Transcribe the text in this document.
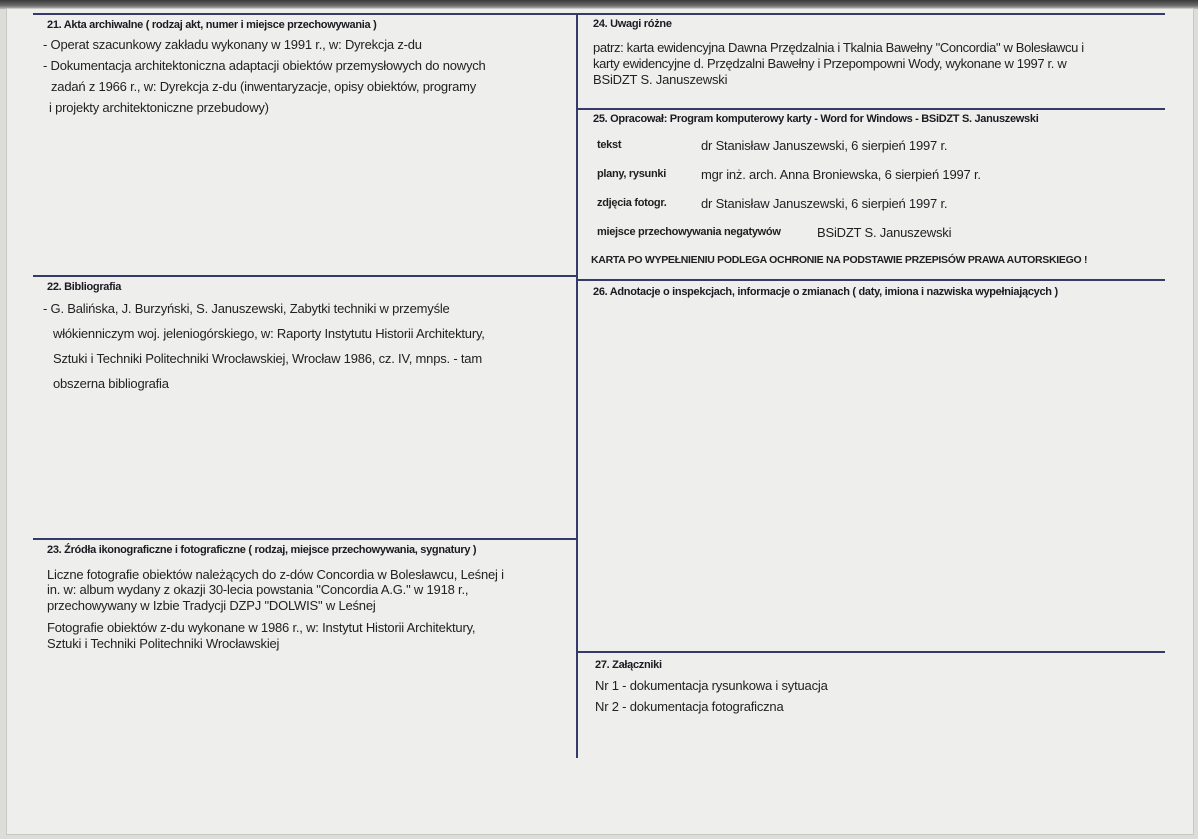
21. Akta archiwalne ( rodzaj akt, numer i miejsce przechowywania )
- Operat szacunkowy zakładu wykonany w 1991 r., w: Dyrekcja z-du
- Dokumentacja architektoniczna adaptacji obiektów przemysłowych do nowych
zadań z 1966 r., w: Dyrekcja z-du (inwentaryzacje, opisy obiektów, programy
i projekty architektoniczne przebudowy)
24. Uwagi różne
patrz: karta ewidencyjna Dawna Przędzalnia i Tkalnia Bawełny "Concordia" w Bolesławcu i
karty ewidencyjne d. Przędzalni Bawełny i Przepompowni Wody, wykonane w 1997 r. w
BSiDZT S. Januszewski
25. Opracował: Program komputerowy karty - Word for Windows - BSiDZT S. Januszewski
tekst	dr Stanisław Januszewski, 6 sierpień 1997 r.
plany, rysunki	mgr inż. arch. Anna Broniewska, 6 sierpień 1997 r.
zdjęcia fotogr.	dr Stanisław Januszewski, 6 sierpień 1997 r.
miejsce przechowywania negatywów	BSiDZT S. Januszewski
KARTA PO WYPEŁNIENIU PODLEGA OCHRONIE NA PODSTAWIE PRZEPISÓW PRAWA AUTORSKIEGO !
22. Bibliografia
- G. Balińska, J. Burzyński, S. Januszewski, Zabytki techniki w przemyśle
włókienniczym woj. jeleniogórskiego, w: Raporty Instytutu Historii Architektury,
Sztuki i Techniki Politechniki Wrocławskiej, Wrocław 1986, cz. IV, mnps. - tam
obszerna bibliografia
26. Adnotacje o inspekcjach, informacje o zmianach ( daty, imiona i nazwiska wypełniających )
23. Źródła ikonograficzne i fotograficzne ( rodzaj, miejsce przechowywania, sygnatury )
Liczne fotografie obiektów należących do z-dów Concordia w Bolesławcu, Leśnej i
in. w: album wydany z okazji 30-lecia powstania "Concordia A.G." w 1918 r.,
przechowywany w Izbie Tradycji DZPJ "DOLWIS" w Leśnej
Fotografie obiektów z-du wykonane w 1986 r., w: Instytut Historii Architektury,
Sztuki i Techniki Politechniki Wrocławskiej
27. Załączniki
Nr 1 - dokumentacja rysunkowa i sytuacja
Nr 2 - dokumentacja fotograficzna
